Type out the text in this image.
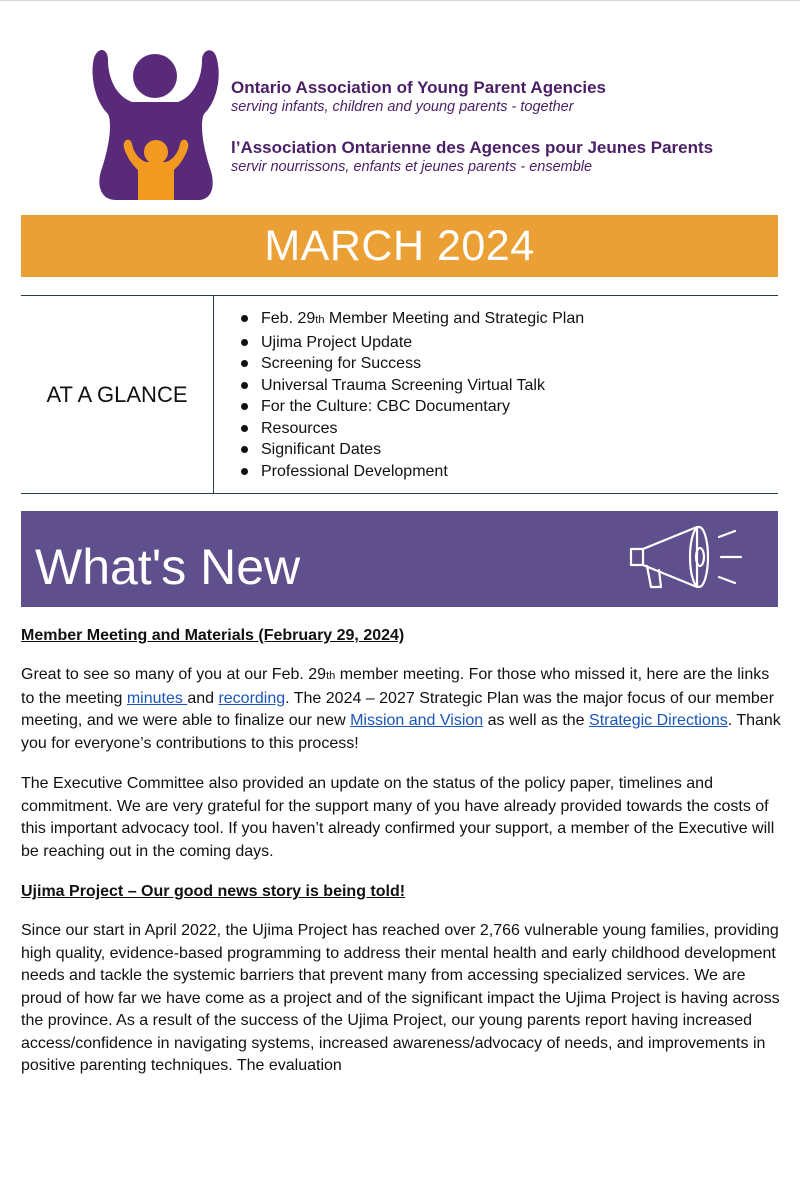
Ontario Association of Young Parent Agencies
serving infants, children and young parents - together
l’Association Ontarienne des Agences pour Jeunes Parents
servir nourrissons, enfants et jeunes parents - ensemble
MARCH 2024
AT A GLANCE
Feb. 29th Member Meeting and Strategic Plan
Ujima Project Update
Screening for Success
Universal Trauma Screening Virtual Talk
For the Culture: CBC Documentary
Resources
Significant Dates
Professional Development
What's New
Member Meeting and Materials (February 29, 2024)

Great to see so many of you at our Feb. 29th member meeting. For those who missed it, here are the links to the meeting minutes and recording. The 2024 – 2027 Strategic Plan was the major focus of our member meeting, and we were able to finalize our new Mission and Vision as well as the Strategic Directions. Thank you for everyone’s contributions to this process!

The Executive Committee also provided an update on the status of the policy paper, timelines and commitment. We are very grateful for the support many of you have already provided towards the costs of this important advocacy tool. If you haven’t already confirmed your support, a member of the Executive will be reaching out in the coming days.

Ujima Project – Our good news story is being told!

Since our start in April 2022, the Ujima Project has reached over 2,766 vulnerable young families, providing high quality, evidence-based programming to address their mental health and early childhood development needs and tackle the systemic barriers that prevent many from accessing specialized services. We are proud of how far we have come as a project and of the significant impact the Ujima Project is having across the province. As a result of the success of the Ujima Project, our young parents report having increased access/confidence in navigating systems, increased awareness/advocacy of needs, and improvements in positive parenting techniques. The evaluation
